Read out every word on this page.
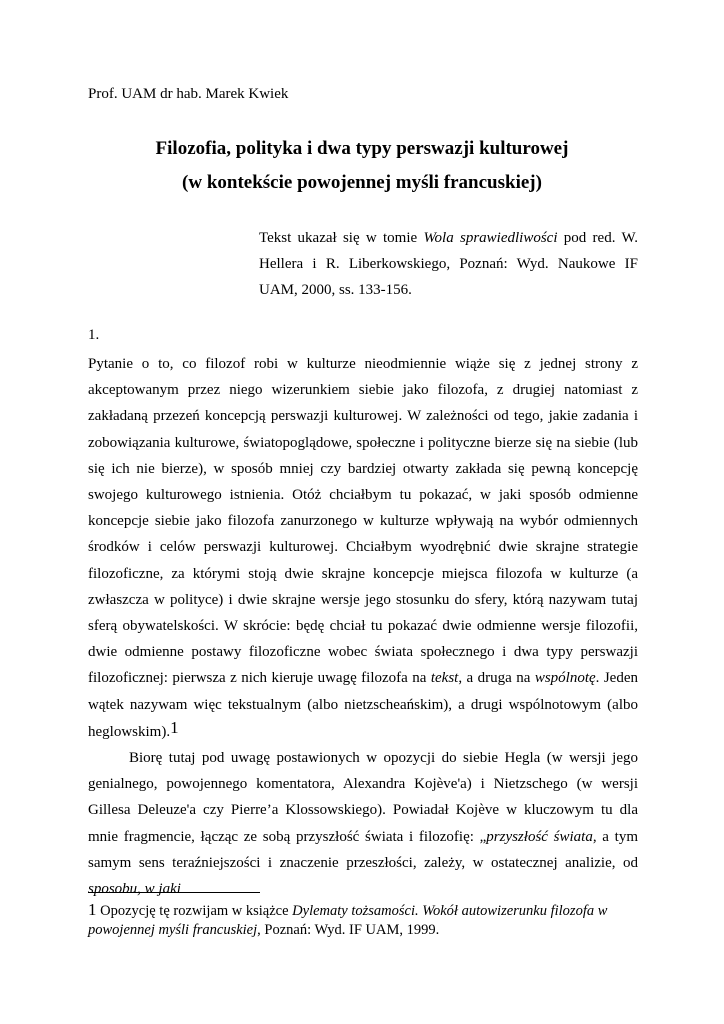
Prof. UAM dr hab. Marek Kwiek
Filozofia, polityka i dwa typy perswazji kulturowej
(w kontekście powojennej myśli francuskiej)
Tekst ukazał się w tomie Wola sprawiedliwości pod red. W. Hellera i R. Liberkowskiego, Poznań: Wyd. Naukowe IF UAM, 2000, ss. 133-156.
1.

Pytanie o to, co filozof robi w kulturze nieodmiennie wiąże się z jednej strony z akceptowanym przez niego wizerunkiem siebie jako filozofa, z drugiej natomiast z zakładaną przezeń koncepcją perswazji kulturowej. W zależności od tego, jakie zadania i zobowiązania kulturowe, światopoglądowe, społeczne i polityczne bierze się na siebie (lub się ich nie bierze), w sposób mniej czy bardziej otwarty zakłada się pewną koncepcję swojego kulturowego istnienia. Otóż chciałbym tu pokazać, w jaki sposób odmienne koncepcje siebie jako filozofa zanurzonego w kulturze wpływają na wybór odmiennych środków i celów perswazji kulturowej. Chciałbym wyodrębnić dwie skrajne strategie filozoficzne, za którymi stoją dwie skrajne koncepcje miejsca filozofa w kulturze (a zwłaszcza w polityce) i dwie skrajne wersje jego stosunku do sfery, którą nazywam tutaj sferą obywatelskości. W skrócie: będę chciał tu pokazać dwie odmienne wersje filozofii, dwie odmienne postawy filozoficzne wobec świata społecznego i dwa typy perswazji filozoficznej: pierwsza z nich kieruje uwagę filozofa na tekst, a druga na wspólnotę. Jeden wątek nazywam więc tekstualnym (albo nietzscheańskim), a drugi wspólnotowym (albo heglowskim).1

Biorę tutaj pod uwagę postawionych w opozycji do siebie Hegla (w wersji jego genialnego, powojennego komentatora, Alexandra Kojève'a) i Nietzschego (w wersji Gillesa Deleuze'a czy Pierre’a Klossowskiego). Powiadał Kojève w kluczowym tu dla mnie fragmencie, łącząc ze sobą przyszłość świata i filozofię: „przyszłość świata, a tym samym sens teraźniejszości i znaczenie przeszłości, zależy, w ostatecznej analizie, od sposobu, w jaki

1 Opozycję tę rozwijam w książce Dylematy tożsamości. Wokół autowizerunku filozofa w powojennej myśli francuskiej, Poznań: Wyd. IF UAM, 1999.
